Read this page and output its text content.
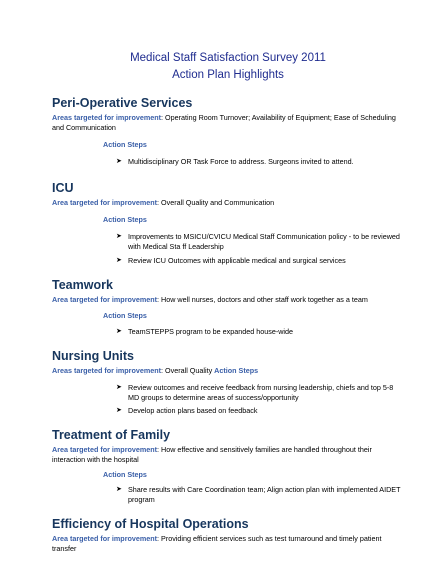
Medical Staff Satisfaction Survey 2011
Action Plan Highlights
Peri-Operative Services

Areas targeted for improvement: Operating Room Turnover; Availability of Equipment; Ease of Scheduling and Communication

Action Steps
➤ Multidisciplinary OR Task Force to address. Surgeons invited to attend.
ICU

Area targeted for improvement: Overall Quality and Communication

Action Steps
➤ Improvements to MSICU/CVICU Medical Staff Communication policy - to be reviewed with Medical Sta ff Leadership
➤ Review ICU Outcomes with applicable medical and surgical services
Teamwork

Area targeted for improvement: How well nurses, doctors and other staff work together as a team

Action Steps
➤ TeamSTEPPS program to be expanded house-wide
Nursing Units

Areas targeted for improvement: Overall Quality Action Steps

➤ Review outcomes and receive feedback from nursing leadership, chiefs and top 5-8 MD groups to determine areas of success/opportunity
➤ Develop action plans based on feedback
Treatment of Family

Area targeted for improvement: How effective and sensitively families are handled throughout their interaction with the hospital

Action Steps
➤ Share results with Care Coordination team; Align action plan with implemented AIDET program
Efficiency of Hospital Operations

Area targeted for improvement: Providing efficient services such as test turnaround and timely patient transfer
